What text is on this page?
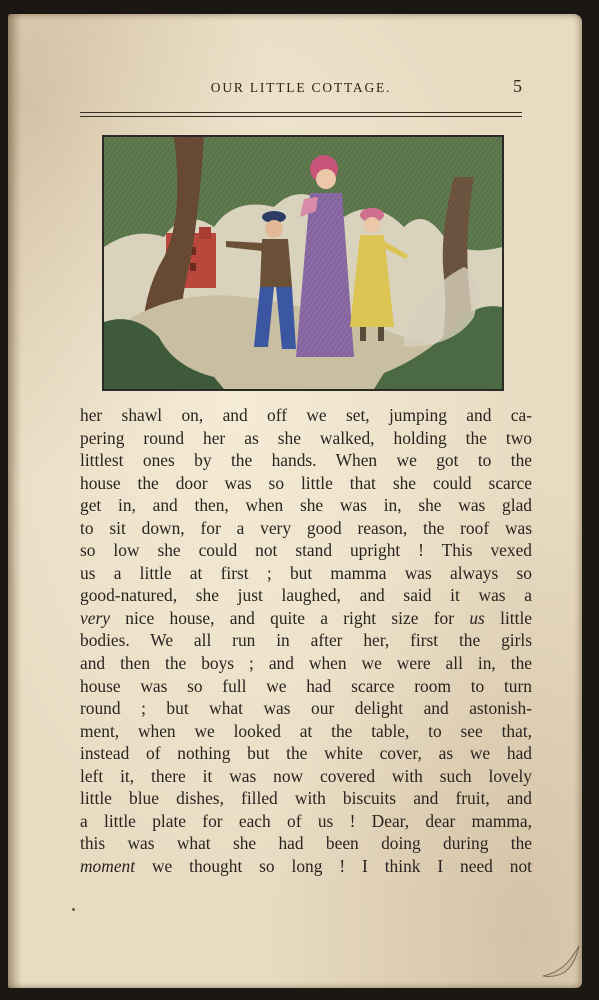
OUR LITTLE COTTAGE.	5
her shawl on, and off we set, jumping and ca-
pering round her as she walked, holding the two
littlest ones by the hands. When we got to the
house the door was so little that she could scarce
get in, and then, when she was in, she was glad
to sit down, for a very good reason, the roof was
so low she could not stand upright ! This vexed
us a little at first ; but mamma was always so
good-natured, she just laughed, and said it was a
very nice house, and quite a right size for us little
bodies. We all run in after her, first the girls
and then the boys ; and when we were all in, the
house was so full we had scarce room to turn
round ; but what was our delight and astonish-
ment, when we looked at the table, to see that,
instead of nothing but the white cover, as we had
left it, there it was now covered with such lovely
little blue dishes, filled with biscuits and fruit, and
a little plate for each of us ! Dear, dear mamma,
this was what she had been doing during the
moment we thought so long ! I think I need not
